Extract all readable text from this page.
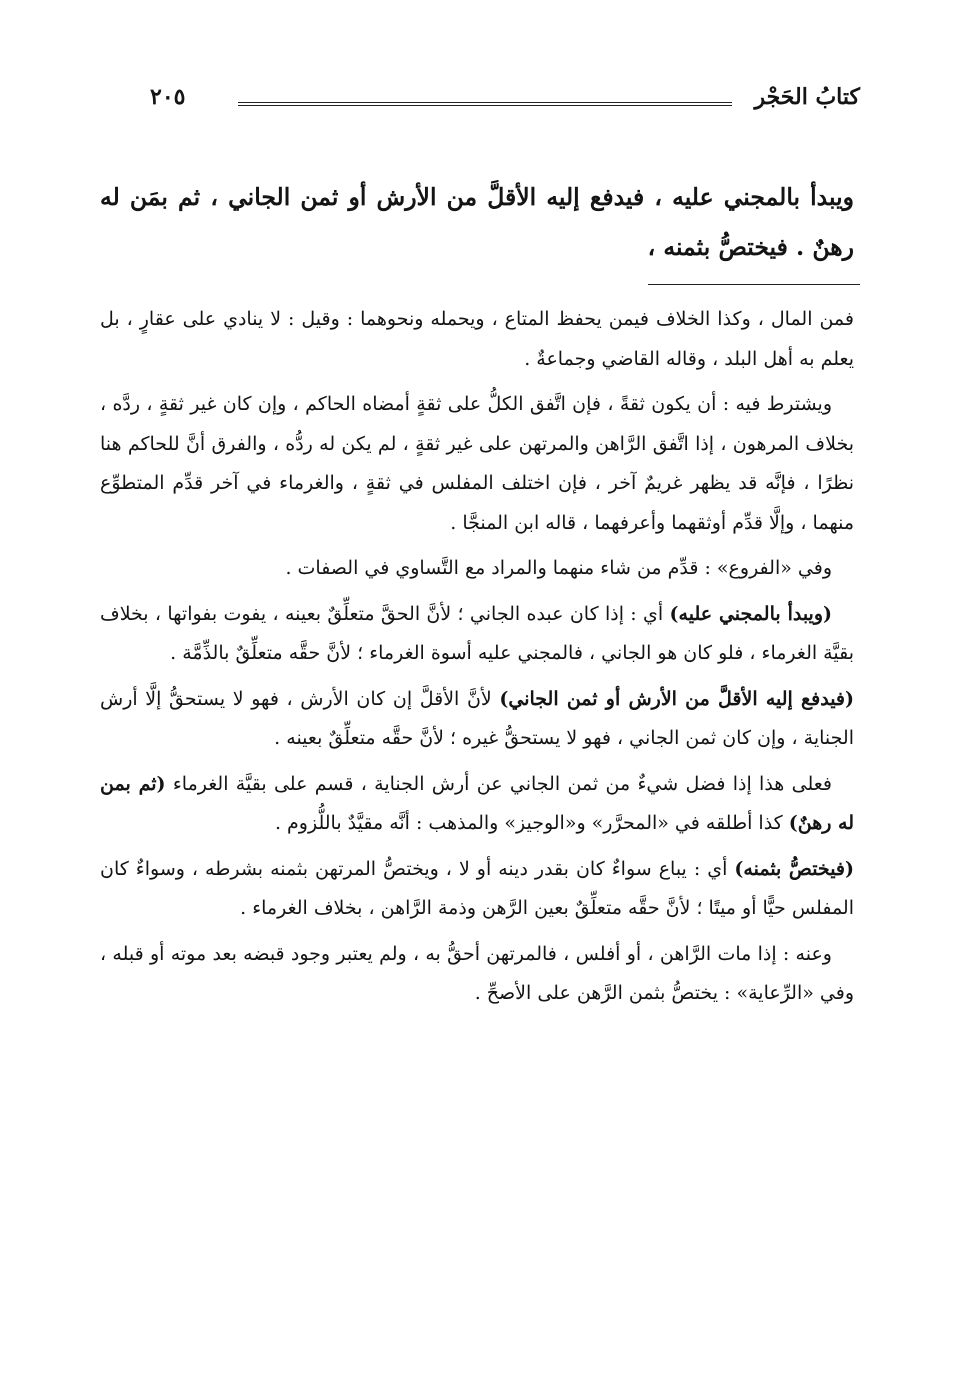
كتابُ الحَجْر
٢٠٥
ويبدأ بالمجني عليه ، فيدفع إليه الأقلَّ من الأرش أو ثمن الجاني ، ثم بمَن له رهنٌ . فيختصُّ بثمنه ،

فمن المال ، وكذا الخلاف فيمن يحفظ المتاع ، ويحمله ونحوهما : وقيل : لا ينادي على عقارٍ ، بل يعلم به أهل البلد ، وقاله القاضي وجماعةٌ .

ويشترط فيه : أن يكون ثقةً ، فإن اتَّفق الكلُّ على ثقةٍ أمضاه الحاكم ، وإن كان غير ثقةٍ ، ردَّه ، بخلاف المرهون ، إذا اتَّفق الرَّاهن والمرتهن على غير ثقةٍ ، لم يكن له ردُّه ، والفرق أنَّ للحاكم هنا نظرًا ، فإنَّه قد يظهر غريمٌ آخر ، فإن اختلف المفلس في ثقةٍ ، والغرماء في آخر قدِّم المتطوِّع منهما ، وإلَّا قدِّم أوثقهما وأعرفهما ، قاله ابن المنجَّا .

وفي «الفروع» : قدِّم من شاء منهما والمراد مع التَّساوي في الصفات .

(ويبدأ بالمجني عليه) أي : إذا كان عبده الجاني ؛ لأنَّ الحقَّ متعلِّقٌ بعينه ، يفوت بفواتها ، بخلاف بقيَّة الغرماء ، فلو كان هو الجاني ، فالمجني عليه أسوة الغرماء ؛ لأنَّ حقَّه متعلِّقٌ بالذِّمَّة .

(فيدفع إليه الأقلَّ من الأرش أو ثمن الجاني) لأنَّ الأقلَّ إن كان الأرش ، فهو لا يستحقُّ إلَّا أرش الجناية ، وإن كان ثمن الجاني ، فهو لا يستحقُّ غيره ؛ لأنَّ حقَّه متعلِّقٌ بعينه .

فعلى هذا إذا فضل شيءٌ من ثمن الجاني عن أرش الجناية ، قسم على بقيَّة الغرماء (ثم بمن له رهنٌ) كذا أطلقه في «المحرَّر» و«الوجيز» والمذهب : أنَّه مقيَّدٌ باللُّزوم .

(فيختصُّ بثمنه) أي : يباع سواءٌ كان بقدر دينه أو لا ، ويختصُّ المرتهن بثمنه بشرطه ، وسواءٌ كان المفلس حيًّا أو ميتًا ؛ لأنَّ حقَّه متعلِّقٌ بعين الرَّهن وذمة الرَّاهن ، بخلاف الغرماء .

وعنه : إذا مات الرَّاهن ، أو أفلس ، فالمرتهن أحقُّ به ، ولم يعتبر وجود قبضه بعد موته أو قبله ، وفي «الرِّعاية» : يختصُّ بثمن الرَّهن على الأصحِّ .
